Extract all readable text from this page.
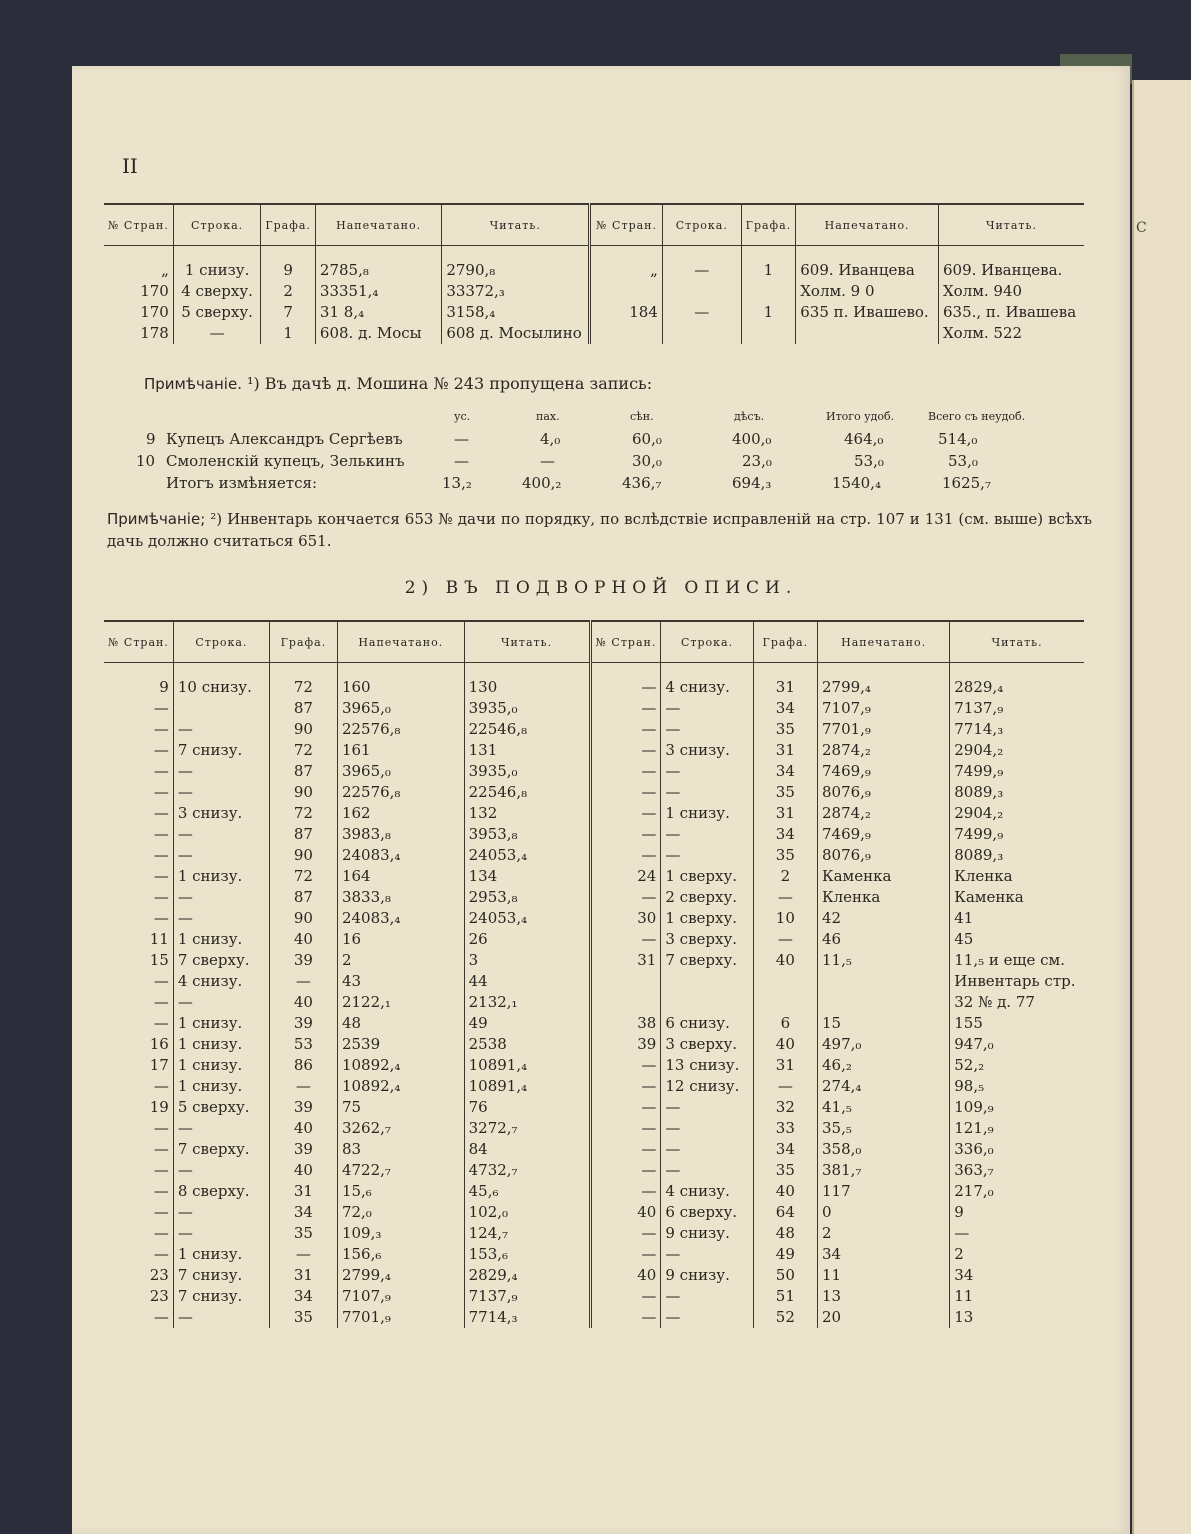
С
II
№ Стран.	Строка.	Графа.	Напечатано.	Читать.	№ Стран.	Строка.	Графа.	Напечатано.	Читать.
„	1 снизу.	9	2785,₈	2790,₈	„	—	1	609. Иванцева	609. Иванцева.
170	4 сверху.	2	33351,₄	33372,₃				Холм. 9 0	Холм. 940
170	5 сверху.	7	31 8,₄	3158,₄	184	—	1	635 п. Ивашево.	635., п. Ивашева
178	—	1	608. д. Мосы	608 д. Мосылино					Холм. 522
Примѣчаніе. ¹) Въ дачѣ д. Мошина № 243 пропущена запись:
ус.	пах.	сѣн.	дѣсъ.	Итого удоб.	Всего съ неудоб.
9 Купецъ Александръ Сергѣевъ	—	4,₀	60,₀	400,₀	464,₀	514,₀
10 Смоленскій купецъ, Зелькинъ	—	—	30,₀	23,₀	53,₀	53,₀
Итогъ измѣняется:	13,₂	400,₂	436,₇	694,₃	1540,₄	1625,₇
Примѣчаніе; ²) Инвентарь кончается 653 № дачи по порядку, по вслѣдствіе исправленій на стр. 107 и 131 (см. выше) всѣхъ дачь должно считаться 651.
2) ВЪ ПОДВОРНОЙ ОПИСИ.
№ Стран.	Строка.	Графа.	Напечатано.	Читать.	№ Стран.	Строка.	Графа.	Напечатано.	Читать.
9	10 снизу.	72	160	130	—	4 снизу.	31	2799,₄	2829,₄
—		87	3965,₀	3935,₀	—	—	34	7107,₉	7137,₉
—	—	90	22576,₈	22546,₈	—	—	35	7701,₉	7714,₃
—	7 снизу.	72	161	131	—	3 снизу.	31	2874,₂	2904,₂
—	—	87	3965,₀	3935,₀	—	—	34	7469,₉	7499,₉
—	—	90	22576,₈	22546,₈	—	—	35	8076,₉	8089,₃
—	3 снизу.	72	162	132	—	1 снизу.	31	2874,₂	2904,₂
—	—	87	3983,₈	3953,₈	—	—	34	7469,₉	7499,₉
—	—	90	24083,₄	24053,₄	—	—	35	8076,₉	8089,₃
—	1 снизу.	72	164	134	24	1 сверху.	2	Каменка	Кленка
—	—	87	3833,₈	2953,₈	—	2 сверху.	—	Кленка	Каменка
—	—	90	24083,₄	24053,₄	30	1 сверху.	10	42	41
11	1 снизу.	40	16	26	—	3 сверху.	—	46	45
15	7 сверху.	39	2	3	31	7 сверху.	40	11,₅	11,₅ и еще см.
—	4 снизу.	—	43	44					Инвентарь стр.
—	—	40	2122,₁	2132,₁					32 № д. 77
—	1 снизу.	39	48	49	38	6 снизу.	6	15	155
16	1 снизу.	53	2539	2538	39	3 сверху.	40	497,₀	947,₀
17	1 снизу.	86	10892,₄	10891,₄	—	13 снизу.	31	46,₂	52,₂
—	1 снизу.	—	10892,₄	10891,₄	—	12 снизу.	—	274,₄	98,₅
19	5 сверху.	39	75	76	—	—	32	41,₅	109,₉
—	—	40	3262,₇	3272,₇	—	—	33	35,₅	121,₉
—	7 сверху.	39	83	84	—	—	34	358,₀	336,₀
—	—	40	4722,₇	4732,₇	—	—	35	381,₇	363,₇
—	8 сверху.	31	15,₆	45,₆	—	4 снизу.	40	117	217,₀
—	—	34	72,₀	102,₀	40	6 сверху.	64	0	9
—	—	35	109,₃	124,₇	—	9 снизу.	48	2	—
—	1 снизу.	—	156,₆	153,₆	—	—	49	34	2
23	7 снизу.	31	2799,₄	2829,₄	40	9 снизу.	50	11	34
23	7 снизу.	34	7107,₉	7137,₉	—	—	51	13	11
—	—	35	7701,₉	7714,₃	—	—	52	20	13
